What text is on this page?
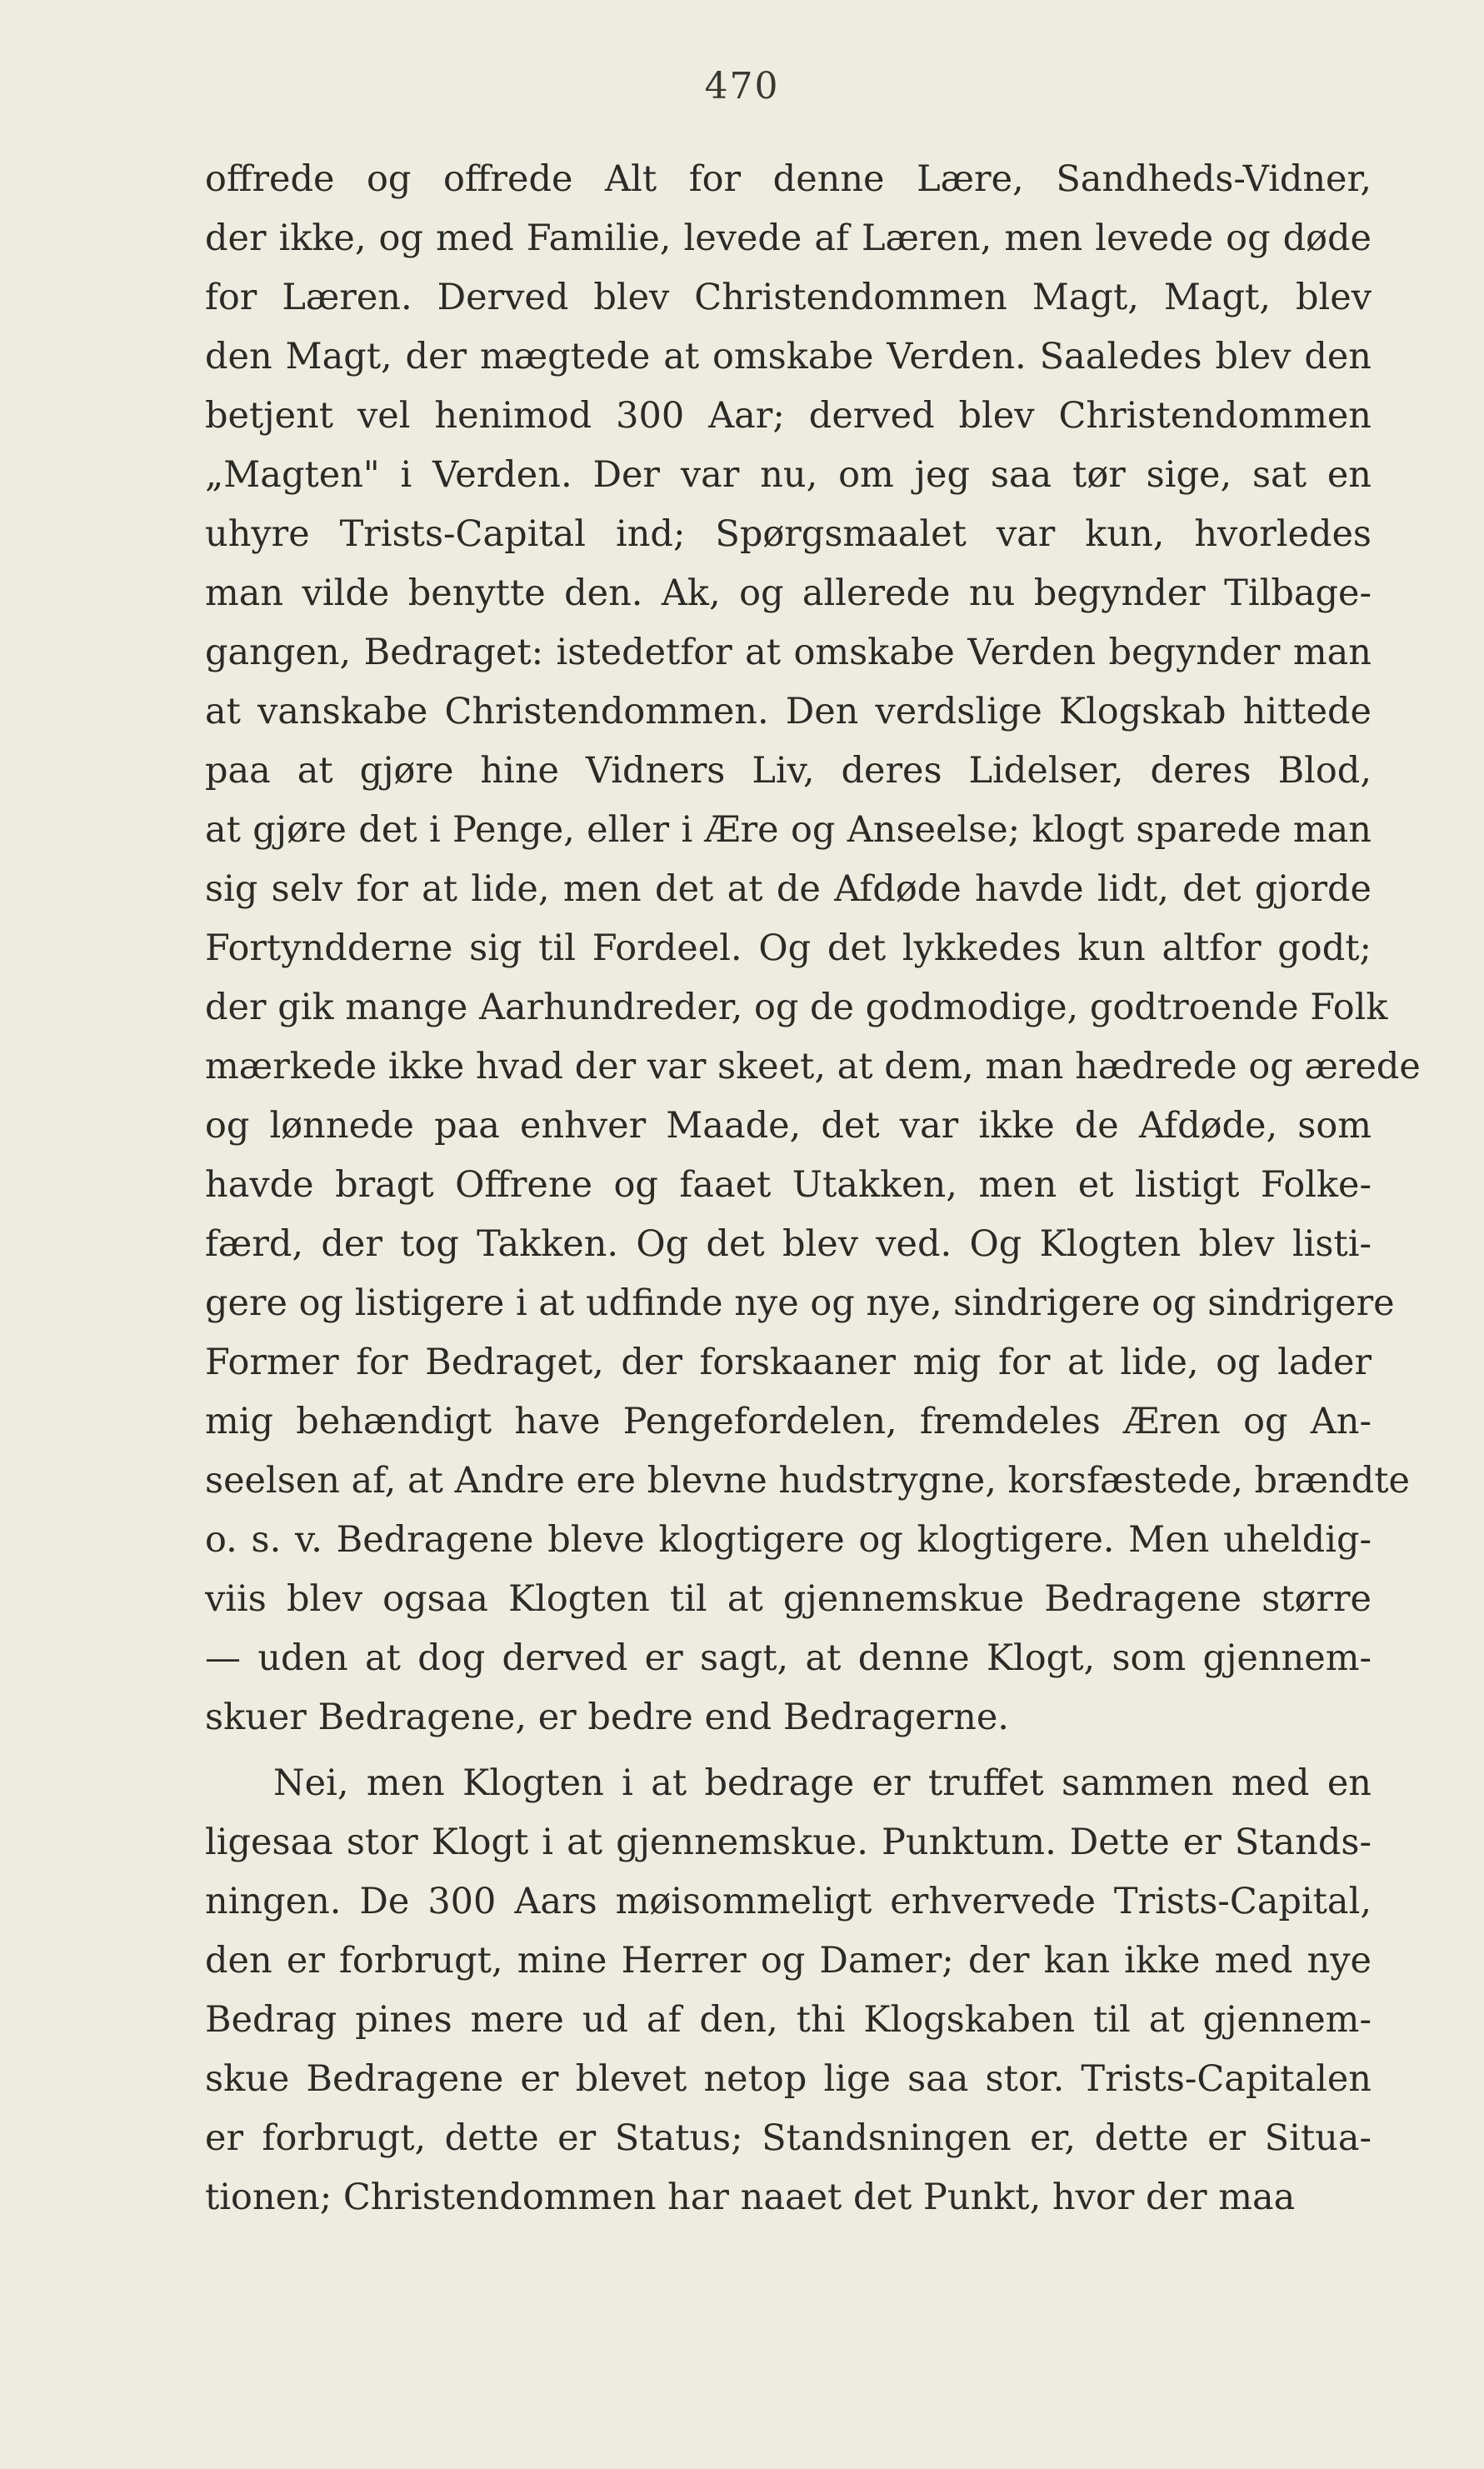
470
offrede og offrede Alt for denne Lære, Sandheds-Vidner,
der ikke, og med Familie, levede af Læren, men levede og døde
for Læren. Derved blev Christendommen Magt, Magt, blev
den Magt, der mægtede at omskabe Verden. Saaledes blev den
betjent vel henimod 300 Aar; derved blev Christendommen
„Magten" i Verden. Der var nu, om jeg saa tør sige, sat en
uhyre Trists-Capital ind; Spørgsmaalet var kun, hvorledes
man vilde benytte den. Ak, og allerede nu begynder Tilbage-
gangen, Bedraget: istedetfor at omskabe Verden begynder man
at vanskabe Christendommen. Den verdslige Klogskab hittede
paa at gjøre hine Vidners Liv, deres Lidelser, deres Blod,
at gjøre det i Penge, eller i Ære og Anseelse; klogt sparede man
sig selv for at lide, men det at de Afdøde havde lidt, det gjorde
Fortyndderne sig til Fordeel. Og det lykkedes kun altfor godt;
der gik mange Aarhundreder, og de godmodige, godtroende Folk
mærkede ikke hvad der var skeet, at dem, man hædrede og ærede
og lønnede paa enhver Maade, det var ikke de Afdøde, som
havde bragt Offrene og faaet Utakken, men et listigt Folke-
færd, der tog Takken. Og det blev ved. Og Klogten blev listi-
gere og listigere i at udfinde nye og nye, sindrigere og sindrigere
Former for Bedraget, der forskaaner mig for at lide, og lader
mig behændigt have Pengefordelen, fremdeles Æren og An-
seelsen af, at Andre ere blevne hudstrygne, korsfæstede, brændte
o. s. v. Bedragene bleve klogtigere og klogtigere. Men uheldig-
viis blev ogsaa Klogten til at gjennemskue Bedragene større
— uden at dog derved er sagt, at denne Klogt, som gjennem-
skuer Bedragene, er bedre end Bedragerne.
Nei, men Klogten i at bedrage er truffet sammen med en
ligesaa stor Klogt i at gjennemskue. Punktum. Dette er Stands-
ningen. De 300 Aars møisommeligt erhvervede Trists-Capital,
den er forbrugt, mine Herrer og Damer; der kan ikke med nye
Bedrag pines mere ud af den, thi Klogskaben til at gjennem-
skue Bedragene er blevet netop lige saa stor. Trists-Capitalen
er forbrugt, dette er Status; Standsningen er, dette er Situa-
tionen; Christendommen har naaet det Punkt, hvor der maa
